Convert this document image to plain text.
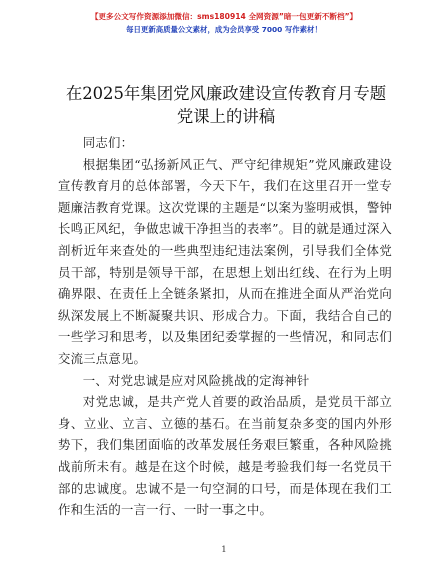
【更多公文写作资源添加微信：sms180914 全网资源”暗一包更新不断档”】
每日更新高质量公文素材，成为会员享受 7000 写作素材！
在2025年集团党风廉政建设宣传教育月专题党课上的讲稿

同志们：

根据集团“弘扬新风正气、严守纪律规矩”党风廉政建设宣传教育月的总体部署，今天下午，我们在这里召开一堂专题廉洁教育党课。这次党课的主题是“以案为鉴明戒惧，警钟长鸣正风纪，争做忠诚干净担当的表率”。目的就是通过深入剖析近年来查处的一些典型违纪违法案例，引导我们全体党员干部，特别是领导干部，在思想上划出红线、在行为上明确界限、在责任上全链条紧扣，从而在推进全面从严治党向纵深发展上不断凝聚共识、形成合力。下面，我结合自己的一些学习和思考，以及集团纪委掌握的一些情况，和同志们交流三点意见。

一、对党忠诚是应对风险挑战的定海神针

对党忠诚，是共产党人首要的政治品质，是党员干部立身、立业、立言、立德的基石。在当前复杂多变的国内外形势下，我们集团面临的改革发展任务艰巨繁重，各种风险挑战前所未有。越是在这个时候，越是考验我们每一名党员干部的忠诚度。忠诚不是一句空洞的口号，而是体现在我们工作和生活的一言一行、一时一事之中。

1
